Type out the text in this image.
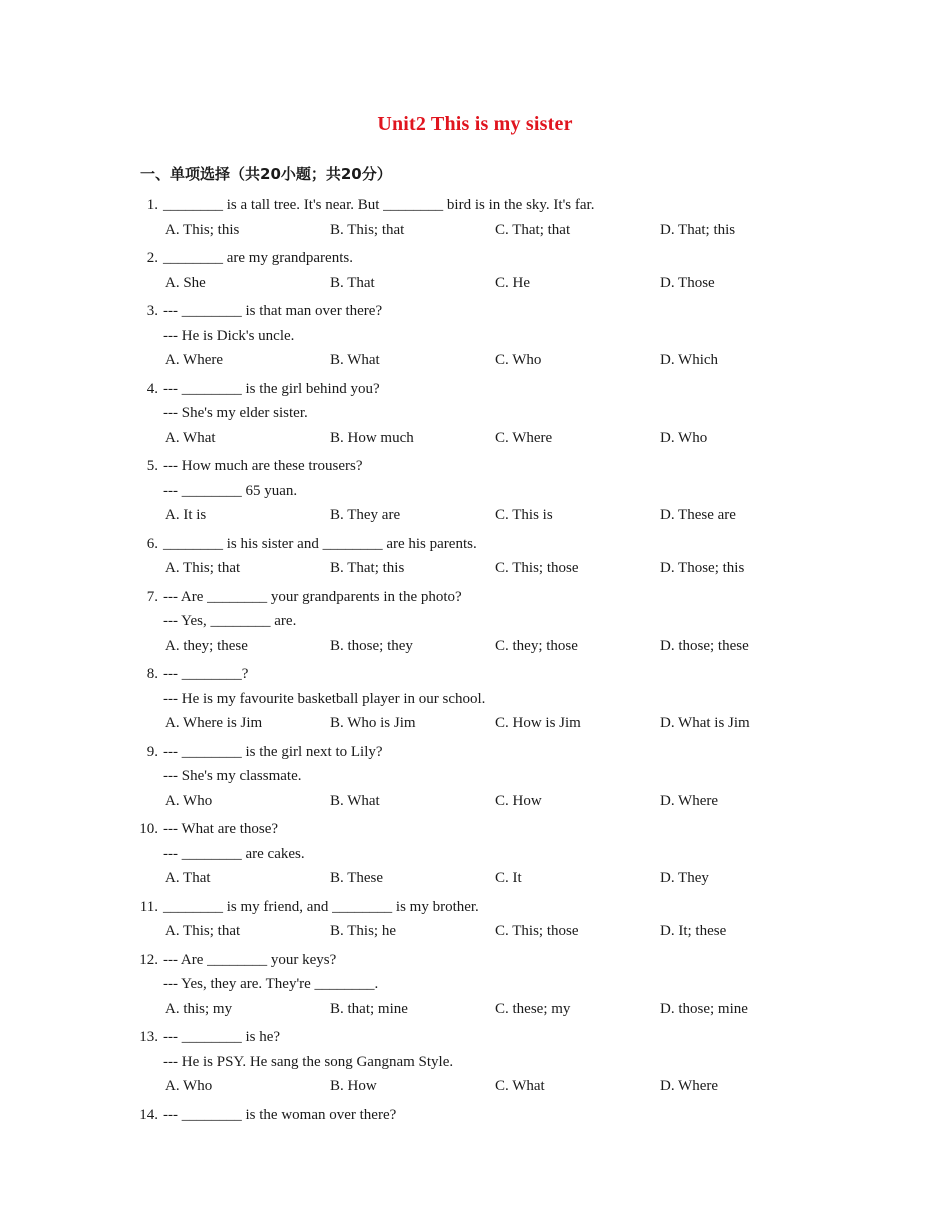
Unit2 This is my sister
一、单项选择（共20小题；共20分）
1. ________ is a tall tree. It's near. But ________ bird is in the sky. It's far.
A. This; this	B. This; that	C. That; that	D. That; this
2. ________ are my grandparents.
A. She	B. That	C. He	D. Those
3. --- ________ is that man over there?
--- He is Dick's uncle.
A. Where	B. What	C. Who	D. Which
4. --- ________ is the girl behind you?
--- She's my elder sister.
A. What	B. How much	C. Where	D. Who
5. --- How much are these trousers?
--- ________ 65 yuan.
A. It is	B. They are	C. This is	D. These are
6. ________ is his sister and ________ are his parents.
A. This; that	B. That; this	C. This; those	D. Those; this
7. --- Are ________ your grandparents in the photo?
--- Yes, ________ are.
A. they; these	B. those; they	C. they; those	D. those; these
8. --- ________?
--- He is my favourite basketball player in our school.
A. Where is Jim	B. Who is Jim	C. How is Jim	D. What is Jim
9. --- ________ is the girl next to Lily?
--- She's my classmate.
A. Who	B. What	C. How	D. Where
10. --- What are those?
--- ________ are cakes.
A. That	B. These	C. It	D. They
11. ________ is my friend, and ________ is my brother.
A. This; that	B. This; he	C. This; those	D. It; these
12. --- Are ________ your keys?
--- Yes, they are. They're ________.
A. this; my	B. that; mine	C. these; my	D. those; mine
13. --- ________ is he?
--- He is PSY. He sang the song Gangnam Style.
A. Who	B. How	C. What	D. Where
14. --- ________ is the woman over there?
